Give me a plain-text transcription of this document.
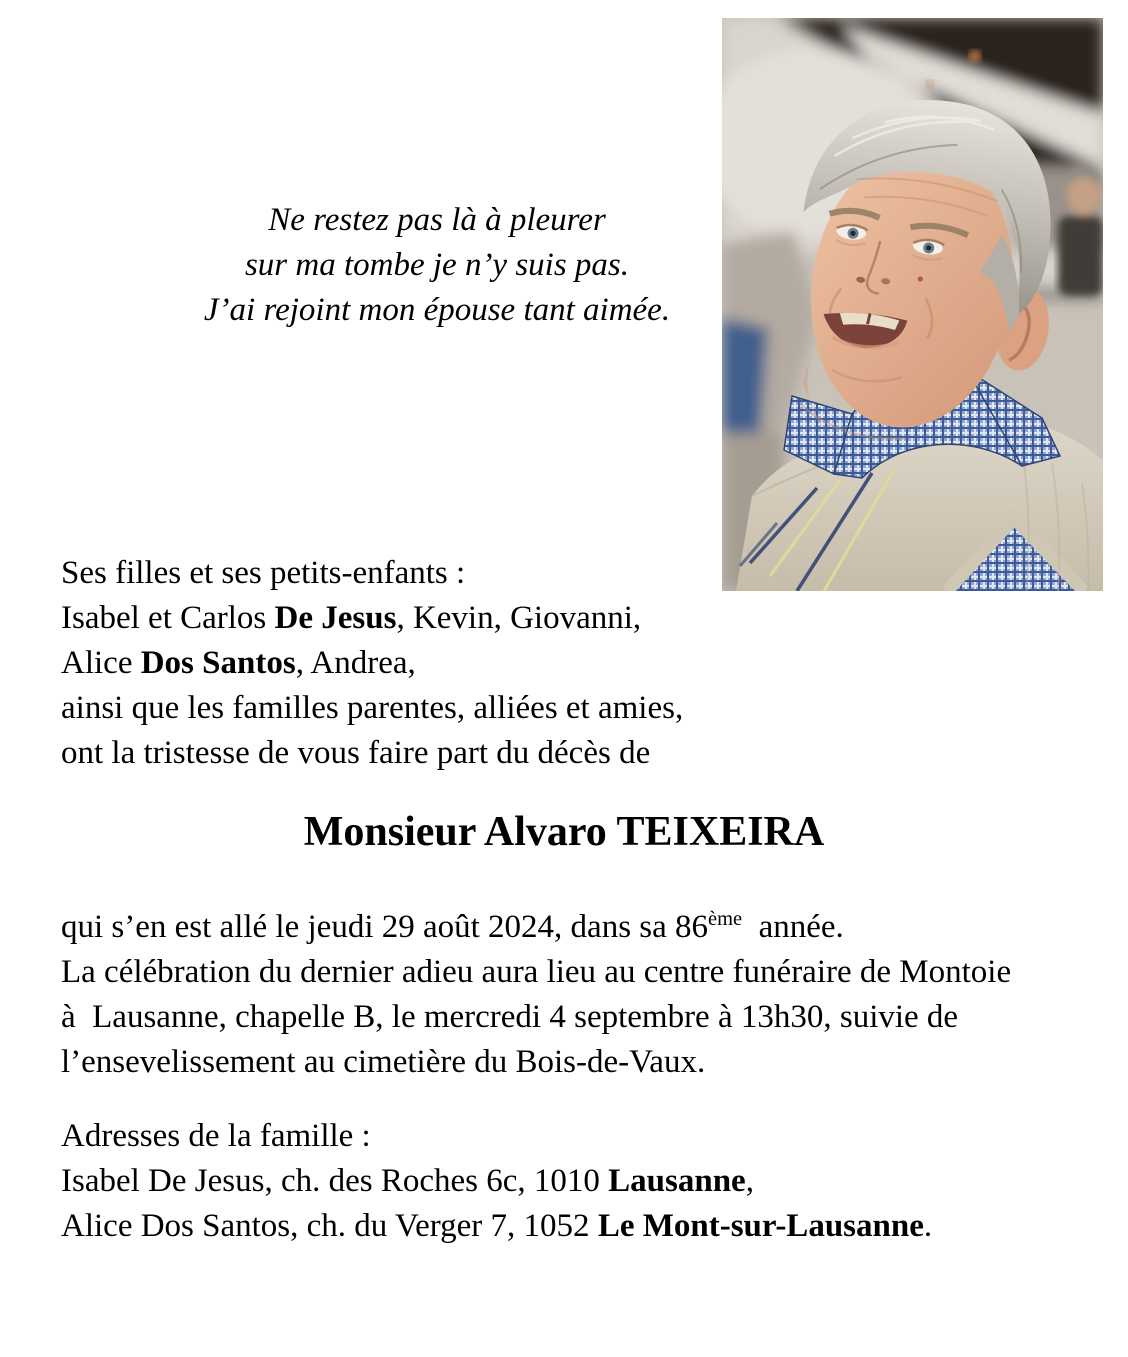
Ne restez pas là à pleurer
sur ma tombe je n’y suis pas.
J’ai rejoint mon épouse tant aimée.
Ses filles et ses petits-enfants :
Isabel et Carlos De Jesus, Kevin, Giovanni,
Alice Dos Santos, Andrea,
ainsi que les familles parentes, alliées et amies,
ont la tristesse de vous faire part du décès de
Monsieur Alvaro TEIXEIRA
qui s’en est allé le jeudi 29 août 2024, dans sa 86ème  année.
La célébration du dernier adieu aura lieu au centre funéraire de Montoie
à  Lausanne, chapelle B, le mercredi 4 septembre à 13h30, suivie de
l’ensevelissement au cimetière du Bois-de-Vaux.
Adresses de la famille :
Isabel De Jesus, ch. des Roches 6c, 1010 Lausanne,
Alice Dos Santos, ch. du Verger 7, 1052 Le Mont-sur-Lausanne.
